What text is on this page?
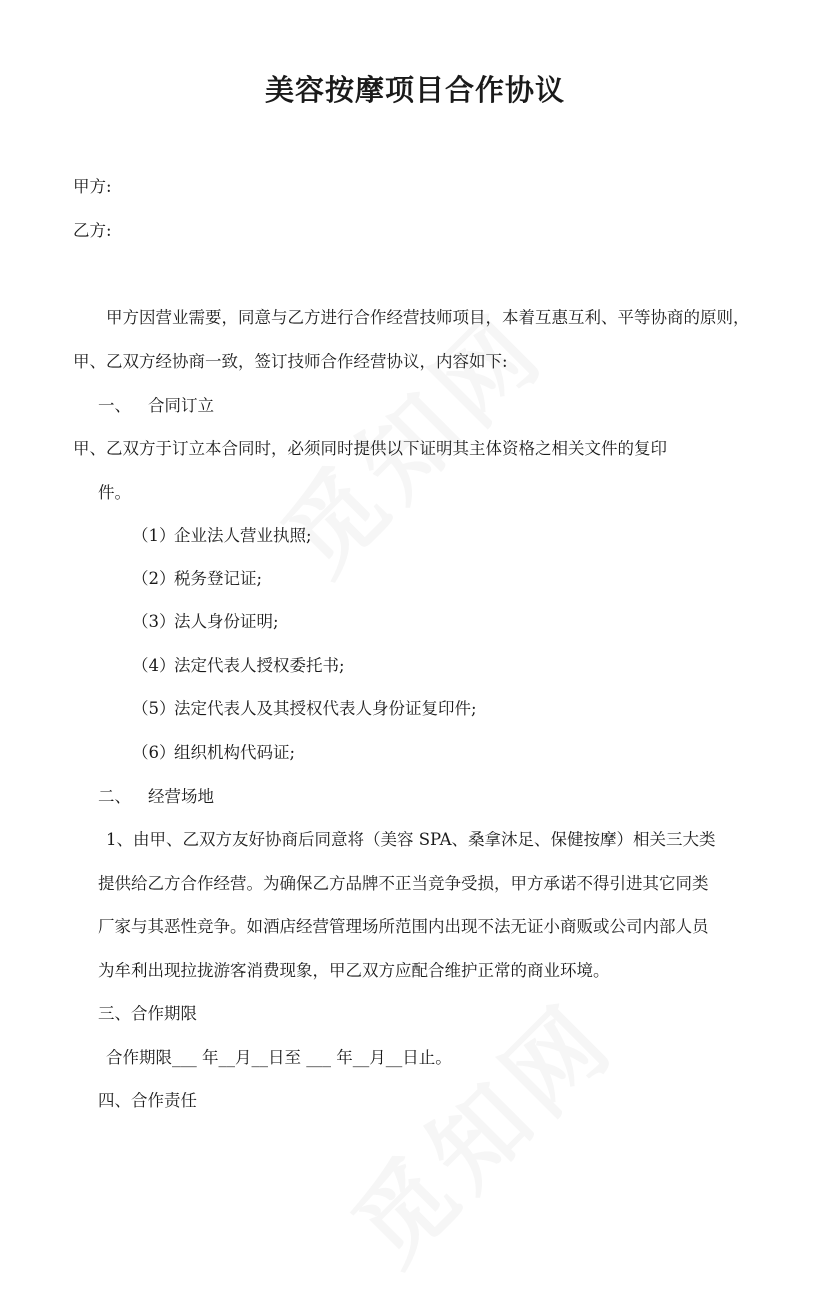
美容按摩项目合作协议
甲方:
乙方:
甲方因营业需要，同意与乙方进行合作经营技师项目，本着互惠互利、平等协商的原则，
甲、乙双方经协商一致，签订技师合作经营协议，内容如下:
一、 合同订立
甲、乙双方于订立本合同时，必须同时提供以下证明其主体资格之相关文件的复印
件。
（1）企业法人营业执照;
（2）税务登记证;
（3）法人身份证明;
（4）法定代表人授权委托书;
（5）法定代表人及其授权代表人身份证复印件;
（6）组织机构代码证;
二、 经营场地
1、由甲、乙双方友好协商后同意将（美容 SPA、桑拿沐足、保健按摩）相关三大类
提供给乙方合作经营。为确保乙方品牌不正当竞争受损，甲方承诺不得引进其它同类
厂家与其恶性竞争。如酒店经营管理场所范围内出现不法无证小商贩或公司内部人员
为牟利出现拉拢游客消费现象，甲乙双方应配合维护正常的商业环境。
三、合作期限
合作期限___ 年__月__日至 ___ 年__月__日止。
四、合作责任
